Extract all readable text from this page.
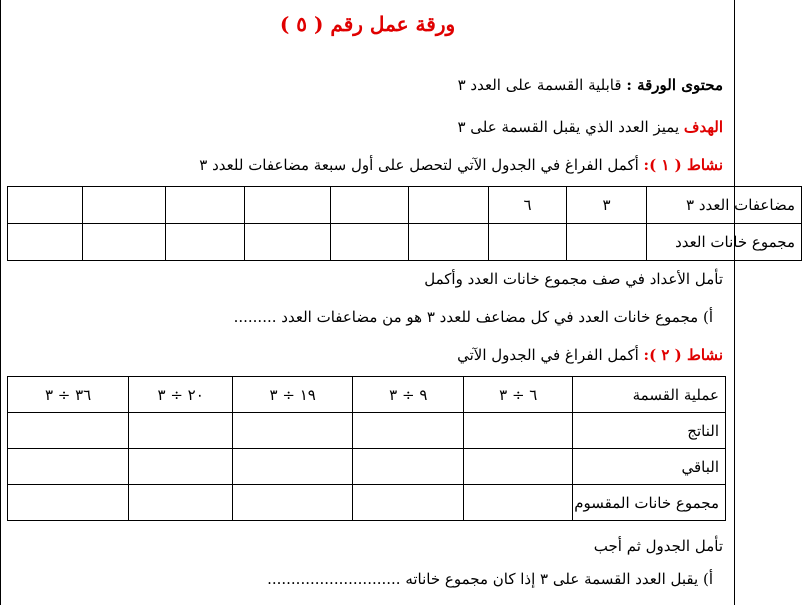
ورقة عمل رقم ( ٥ )
محتوى الورقة : قابلية القسمة على العدد ٣
الهدف يميز العدد الذي يقبل القسمة على ٣
نشاط ( ١ ): أكمل الفراغ في الجدول الآتي لتحصل على أول سبعة مضاعفات للعدد ٣
مضاعفات العدد ٣	٣	٦						
مجموع خانات العدد								
تأمل الأعداد في صف مجموع خانات العدد وأكمل
أ) مجموع خانات العدد في كل مضاعف للعدد ٣ هو من مضاعفات العدد .........
نشاط ( ٢ ): أكمل الفراغ في الجدول الآتي
عملية القسمة	٦ ÷ ٣	٩ ÷ ٣	١٩ ÷ ٣	٢٠ ÷ ٣	٣٦ ÷ ٣
الناتج					
الباقي					
مجموع خانات المقسوم					
تأمل الجدول ثم أجب
أ) يقبل العدد القسمة على ٣ إذا كان مجموع خاناته ............................
